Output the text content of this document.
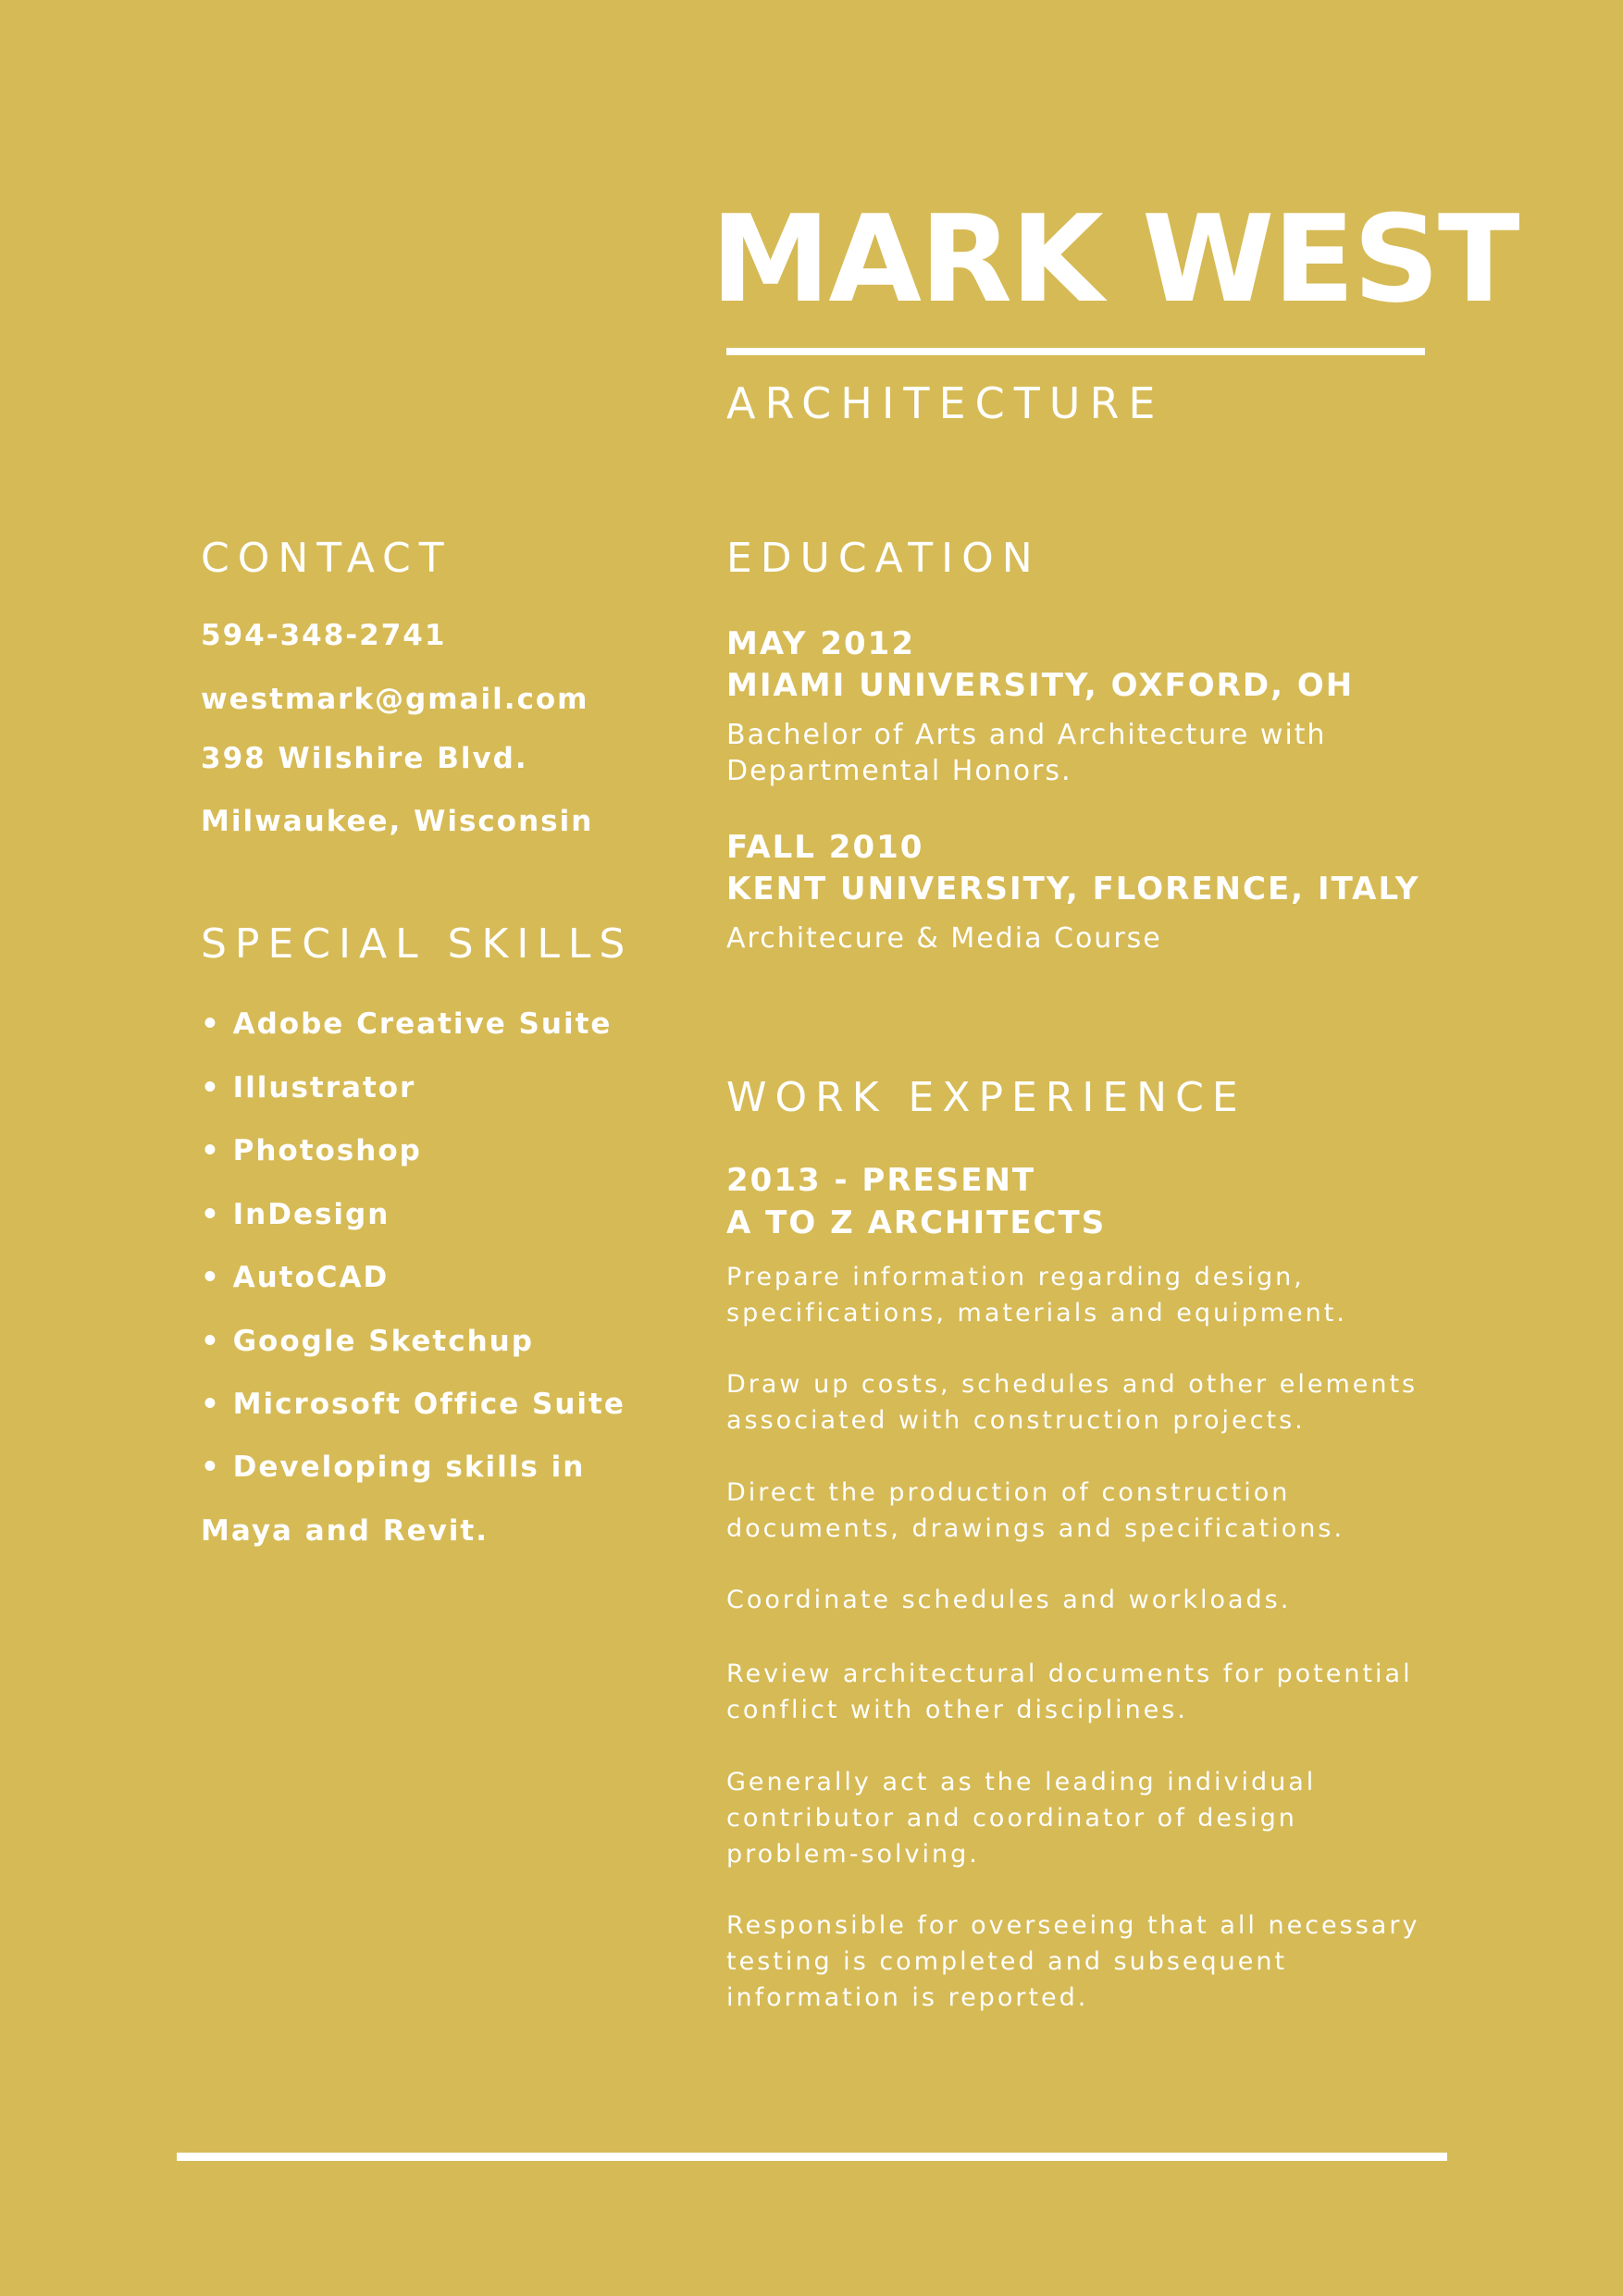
MARK WEST
ARCHITECTURE
CONTACT
594-348-2741
westmark@gmail.com
398 Wilshire Blvd.
Milwaukee, Wisconsin
SPECIAL SKILLS
• Adobe Creative Suite
• Illustrator
• Photoshop
• InDesign
• AutoCAD
• Google Sketchup
• Microsoft Office Suite
• Developing skills in
Maya and Revit.
EDUCATION
MAY 2012
MIAMI UNIVERSITY, OXFORD, OH
Bachelor of Arts and Architecture with
Departmental Honors.
FALL 2010
KENT UNIVERSITY, FLORENCE, ITALY
Architecure & Media Course
WORK EXPERIENCE
2013 - PRESENT
A TO Z ARCHITECTS
Prepare information regarding design,
specifications, materials and equipment.
Draw up costs, schedules and other elements
associated with construction projects.
Direct the production of construction
documents, drawings and specifications.
Coordinate schedules and workloads.
Review architectural documents for potential
conflict with other disciplines.
Generally act as the leading individual
contributor and coordinator of design
problem-solving.
Responsible for overseeing that all necessary
testing is completed and subsequent
information is reported.
